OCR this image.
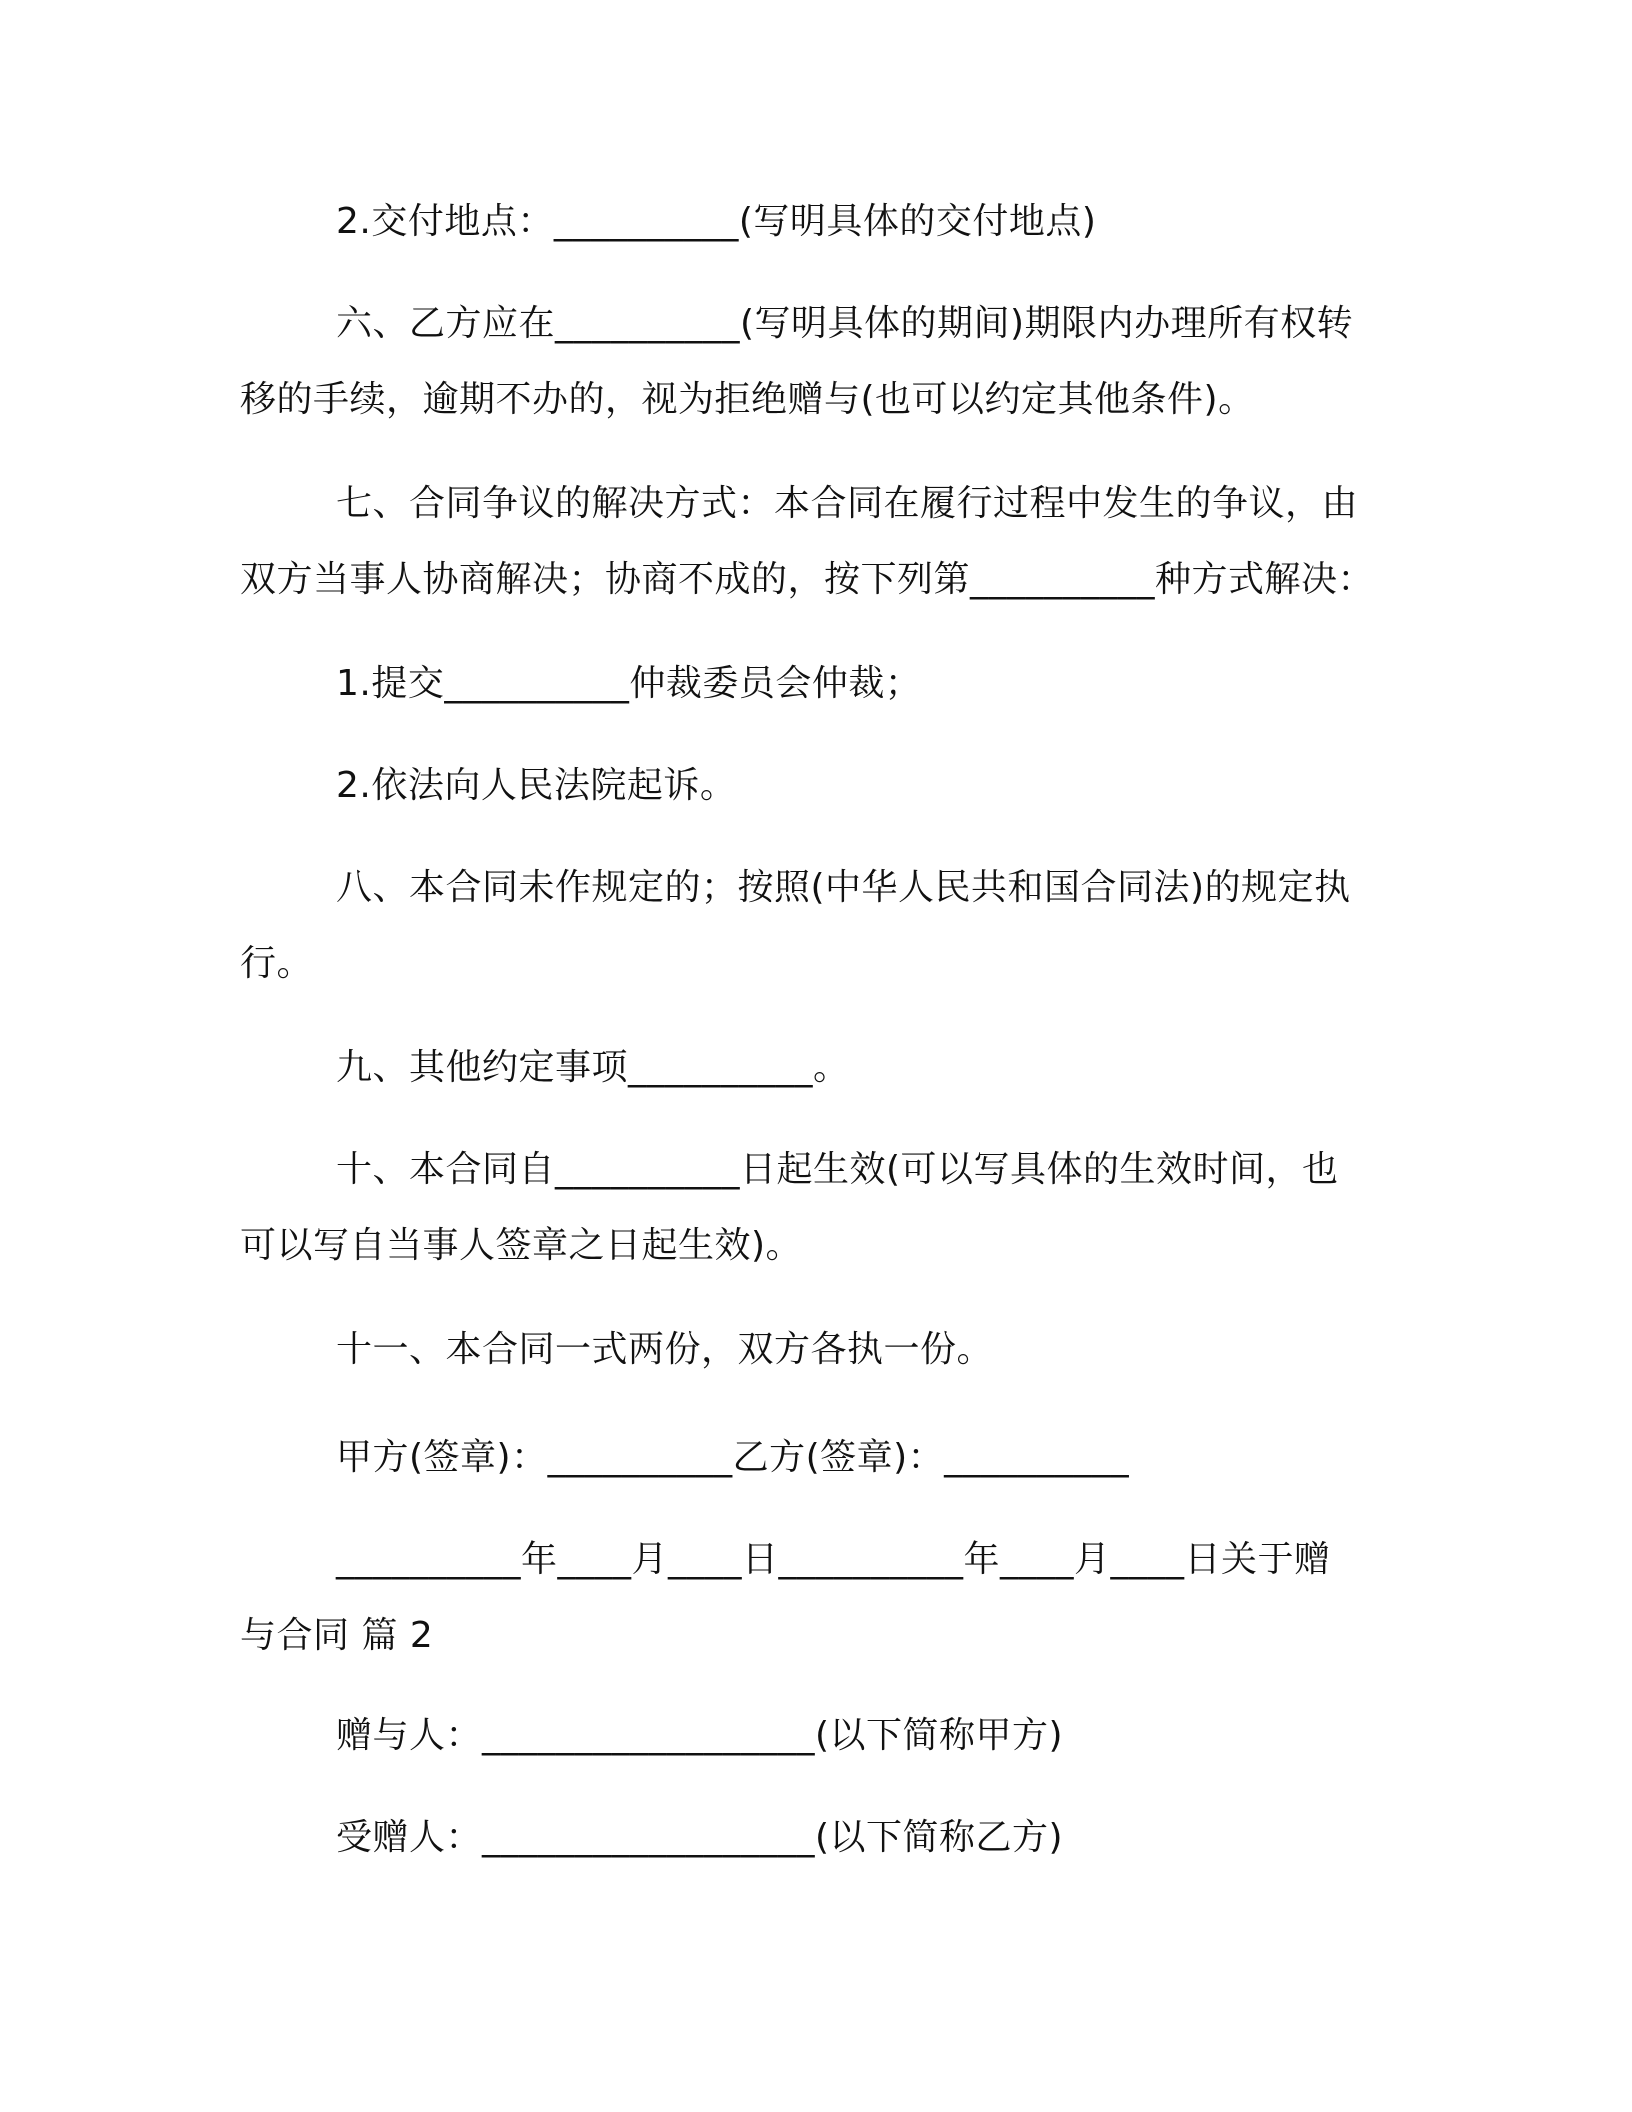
2.交付地点：__________(写明具体的交付地点)

六、乙方应在__________(写明具体的期间)期限内办理所有权转
移的手续，逾期不办的，视为拒绝赠与(也可以约定其他条件)。

七、合同争议的解决方式：本合同在履行过程中发生的争议，由
双方当事人协商解决；协商不成的，按下列第__________种方式解决：

1.提交__________仲裁委员会仲裁；

2.依法向人民法院起诉。

八、本合同未作规定的；按照(中华人民共和国合同法)的规定执
行。

九、其他约定事项__________。

十、本合同自__________日起生效(可以写具体的生效时间，也
可以写自当事人签章之日起生效)。

十一、本合同一式两份，双方各执一份。

甲方(签章)：__________乙方(签章)：__________

__________年____月____日__________年____月____日关于赠
与合同 篇 2

赠与人：__________________(以下简称甲方)

受赠人：__________________(以下简称乙方)
